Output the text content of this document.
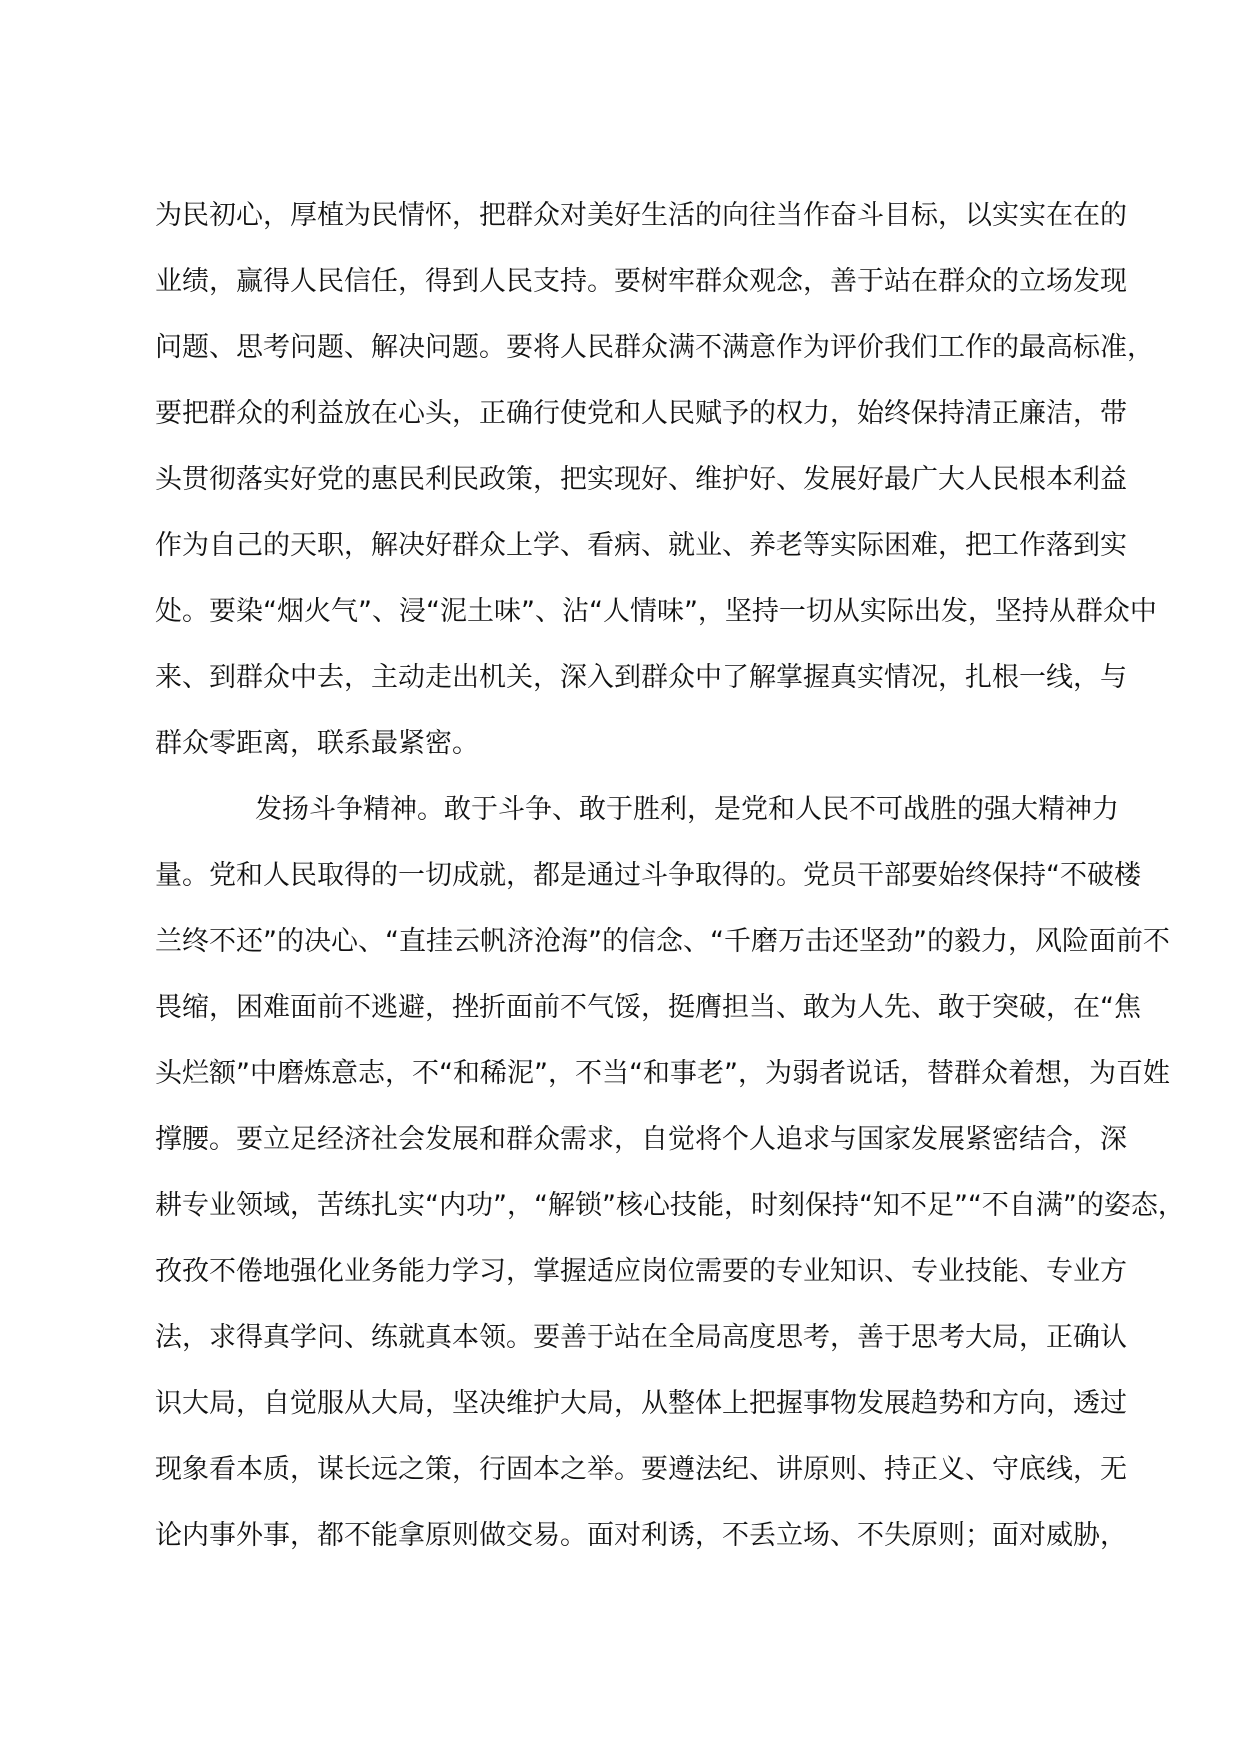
为民初心，厚植为民情怀，把群众对美好生活的向往当作奋斗目标，以实实在在的
业绩，赢得人民信任，得到人民支持。要树牢群众观念，善于站在群众的立场发现
问题、思考问题、解决问题。要将人民群众满不满意作为评价我们工作的最高标准，
要把群众的利益放在心头，正确行使党和人民赋予的权力，始终保持清正廉洁，带
头贯彻落实好党的惠民利民政策，把实现好、维护好、发展好最广大人民根本利益
作为自己的天职，解决好群众上学、看病、就业、养老等实际困难，把工作落到实
处。要染“烟火气”、浸“泥土味”、沾“人情味”，坚持一切从实际出发，坚持从群众中
来、到群众中去，主动走出机关，深入到群众中了解掌握真实情况，扎根一线，与
群众零距离，联系最紧密。
发扬斗争精神。敢于斗争、敢于胜利，是党和人民不可战胜的强大精神力
量。党和人民取得的一切成就，都是通过斗争取得的。党员干部要始终保持“不破楼
兰终不还”的决心、“直挂云帆济沧海”的信念、“千磨万击还坚劲”的毅力，风险面前不
畏缩，困难面前不逃避，挫折面前不气馁，挺膺担当、敢为人先、敢于突破，在“焦
头烂额”中磨炼意志，不“和稀泥”，不当“和事老”，为弱者说话，替群众着想，为百姓
撑腰。要立足经济社会发展和群众需求，自觉将个人追求与国家发展紧密结合，深
耕专业领域，苦练扎实“内功”，“解锁”核心技能，时刻保持“知不足”“不自满”的姿态，
孜孜不倦地强化业务能力学习，掌握适应岗位需要的专业知识、专业技能、专业方
法，求得真学问、练就真本领。要善于站在全局高度思考，善于思考大局，正确认
识大局，自觉服从大局，坚决维护大局，从整体上把握事物发展趋势和方向，透过
现象看本质，谋长远之策，行固本之举。要遵法纪、讲原则、持正义、守底线，无
论内事外事，都不能拿原则做交易。面对利诱，不丢立场、不失原则；面对威胁，
